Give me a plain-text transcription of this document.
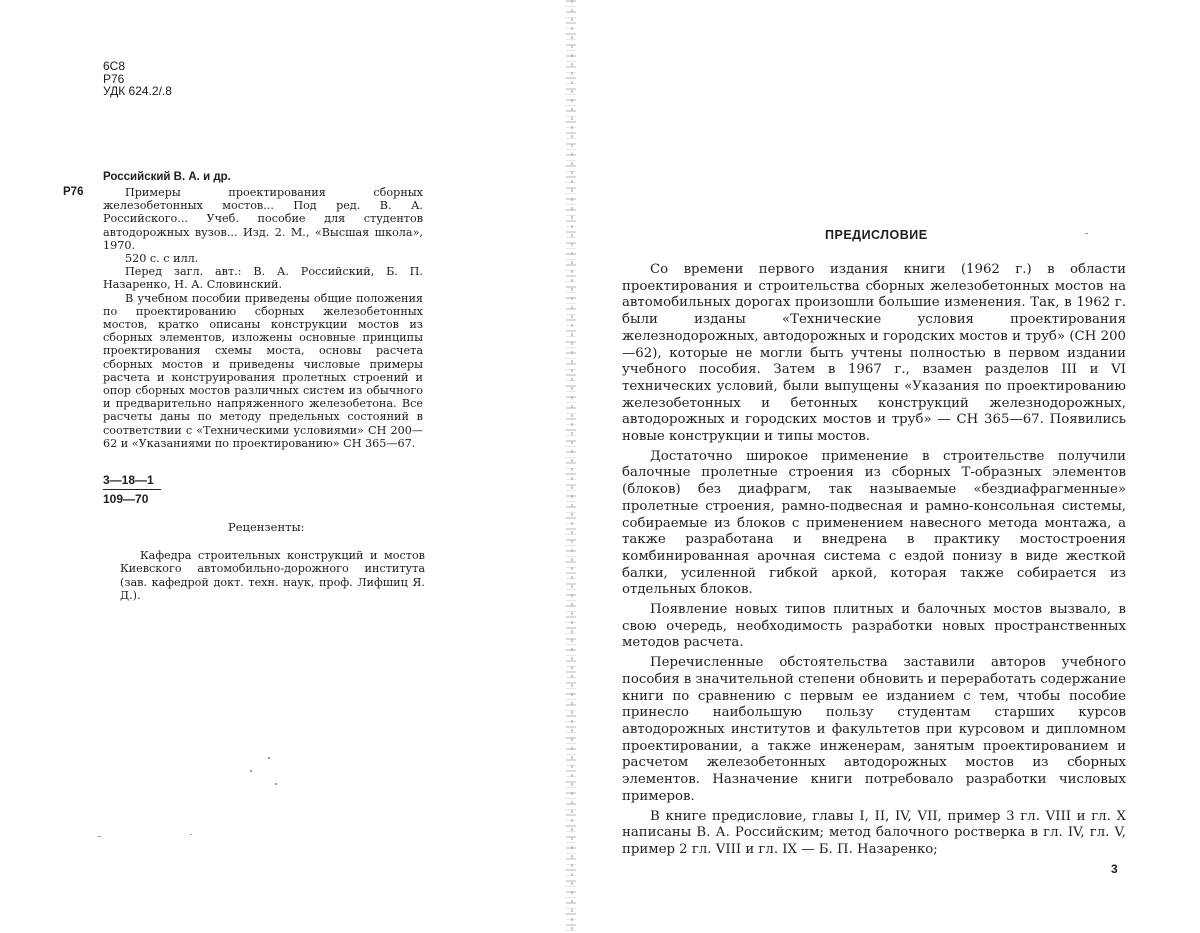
6С8
Р76
УДК 624.2/.8
Российский В. А. и др.
Р76	Примеры проектирования сборных железобетонных мостов... Под ред. В. А. Российского... Учеб. пособие для студентов автодорожных вузов... Изд. 2. М., «Высшая школа», 1970.

520 с. с илл.

Перед загл. авт.: В. А. Российский, Б. П. Назаренко, Н. А. Словинский.

В учебном пособии приведены общие положения по проектированию сборных железобетонных мостов, кратко описаны конструкции мостов из сборных элементов, изложены основные принципы проектирования схемы моста, основы расчета сборных мостов и приведены числовые примеры расчета и конструирования пролетных строений и опор сборных мостов различных систем из обычного и предварительно напряженного железобетона. Все расчеты даны по методу предельных состояний в соответствии с «Техническими условиями» СН 200—62 и «Указаниями по проектированию» СН 365—67.

$\frac{3—18—1}{109—70}$
Рецензенты:

Кафедра строительных конструкций и мостов Киевского автомобильно-дорожного института (зав. кафедрой докт. техн. наук, проф. Лифшиц Я. Д.).

ПРЕДИСЛОВИЕ

Со времени первого издания книги (1962 г.) в области проектирования и строительства сборных железобетонных мостов на автомобильных дорогах произошли большие изменения. Так, в 1962 г. были изданы «Технические условия проектирования железнодорожных, автодорожных и городских мостов и труб» (СН 200—62), которые не могли быть учтены полностью в первом издании учебного пособия. Затем в 1967 г., взамен разделов III и VI технических условий, были выпущены «Указания по проектированию железобетонных и бетонных конструкций железнодорожных, автодорожных и городских мостов и труб» — СН 365—67. Появились новые конструкции и типы мостов.

Достаточно широкое применение в строительстве получили балочные пролетные строения из сборных Т-образных элементов (блоков) без диафрагм, так называемые «бездиафрагменные» пролетные строения, рамно-подвесная и рамно-консольная системы, собираемые из блоков с применением навесного метода монтажа, а также разработана и внедрена в практику мостостроения комбинированная арочная система с ездой понизу в виде жесткой балки, усиленной гибкой аркой, которая также собирается из отдельных блоков.

Появление новых типов плитных и балочных мостов вызвало, в свою очередь, необходимость разработки новых пространственных методов расчета.

Перечисленные обстоятельства заставили авторов учебного пособия в значительной степени обновить и переработать содержание книги по сравнению с первым ее изданием с тем, чтобы пособие принесло наибольшую пользу студентам старших курсов автодорожных институтов и факультетов при курсовом и дипломном проектировании, а также инженерам, занятым проектированием и расчетом железобетонных автодорожных мостов из сборных элементов. Назначение книги потребовало разработки числовых примеров.

В книге предисловие, главы I, II, IV, VII, пример 3 гл. VIII и гл. X написаны В. А. Российским; метод балочного ростверка в гл. IV, гл. V, пример 2 гл. VIII и гл. IX — Б. П. Назаренко;

3
